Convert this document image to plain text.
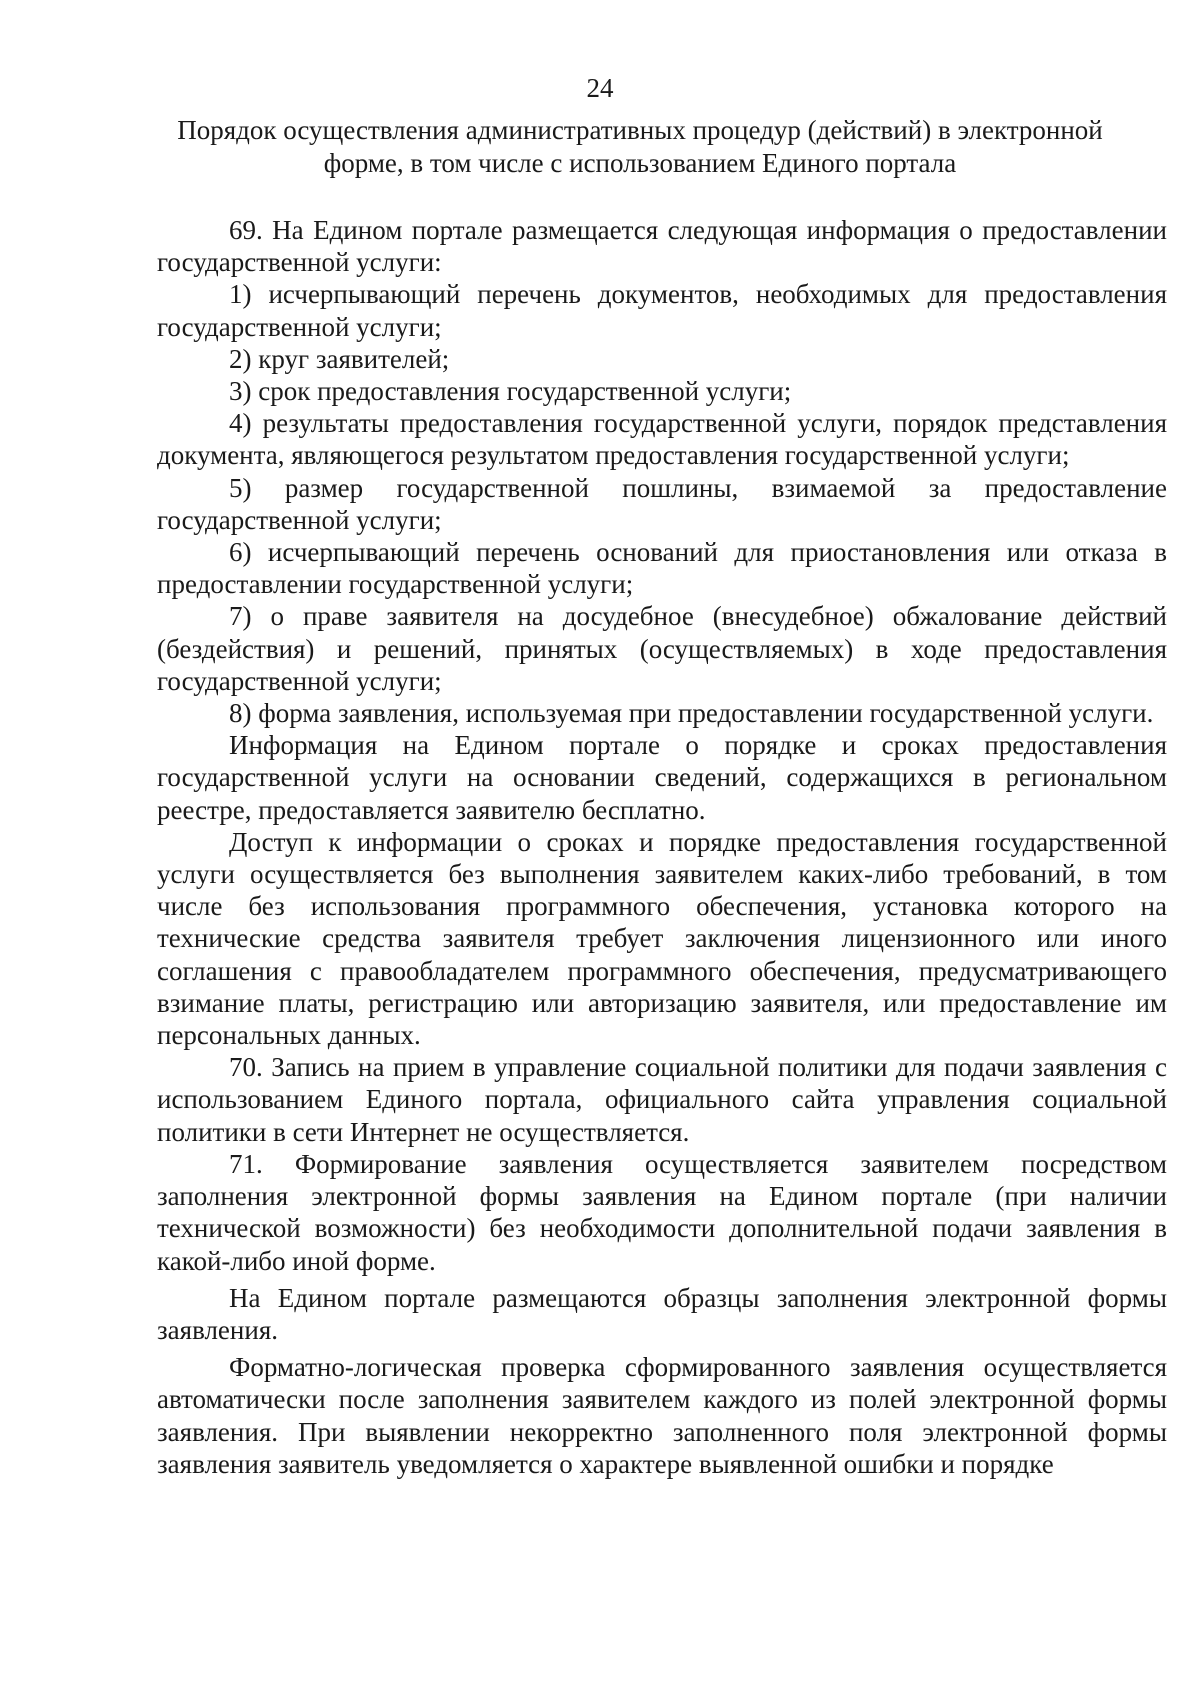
24
Порядок осуществления административных процедур (действий) в электронной форме, в том числе с использованием Единого портала

69. На Едином портале размещается следующая информация о предоставлении государственной услуги:

1) исчерпывающий перечень документов, необходимых для предоставления государственной услуги;

2) круг заявителей;

3) срок предоставления государственной услуги;

4) результаты предоставления государственной услуги, порядок представления документа, являющегося результатом предоставления государственной услуги;

5) размер государственной пошлины, взимаемой за предоставление государственной услуги;

6) исчерпывающий перечень оснований для приостановления или отказа в предоставлении государственной услуги;

7) о праве заявителя на досудебное (внесудебное) обжалование действий (бездействия) и решений, принятых (осуществляемых) в ходе предоставления государственной услуги;

8) форма заявления, используемая при предоставлении государственной услуги.

Информация на Едином портале о порядке и сроках предоставления государственной услуги на основании сведений, содержащихся в региональном реестре, предоставляется заявителю бесплатно.

Доступ к информации о сроках и порядке предоставления государственной услуги осуществляется без выполнения заявителем каких-либо требований, в том числе без использования программного обеспечения, установка которого на технические средства заявителя требует заключения лицензионного или иного соглашения с правообладателем программного обеспечения, предусматривающего взимание платы, регистрацию или авторизацию заявителя, или предоставление им персональных данных.

70. Запись на прием в управление социальной политики для подачи заявления с использованием Единого портала, официального сайта управления социальной политики в сети Интернет не осуществляется.

71. Формирование заявления осуществляется заявителем посредством заполнения электронной формы заявления на Едином портале (при наличии технической возможности) без необходимости дополнительной подачи заявления в какой-либо иной форме.

На Едином портале размещаются образцы заполнения электронной формы заявления.

Форматно-логическая проверка сформированного заявления осуществляется автоматически после заполнения заявителем каждого из полей электронной формы заявления. При выявлении некорректно заполненного поля электронной формы заявления заявитель уведомляется о характере выявленной ошибки и порядке
